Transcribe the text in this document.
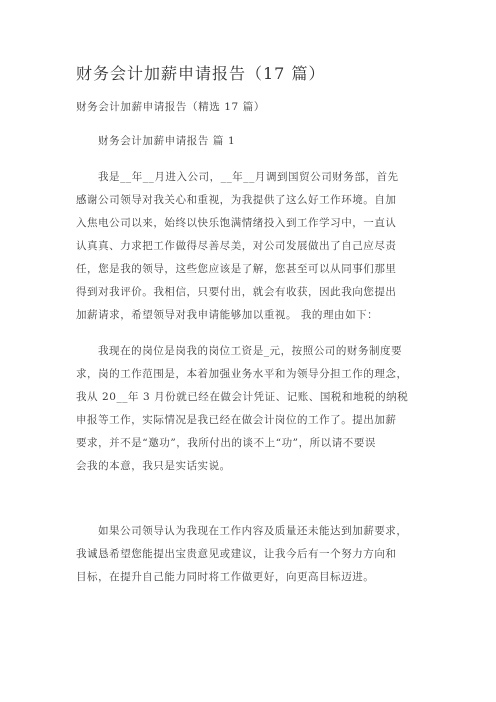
财务会计加薪申请报告（17 篇）
财务会计加薪申请报告（精选 17 篇）
财务会计加薪申请报告 篇 1
我是__年__月进入公司，__年__月调到国贸公司财务部，首先
感谢公司领导对我关心和重视，为我提供了这么好工作环境。自加
入焦电公司以来，始终以快乐饱满情绪投入到工作学习中，一直认
认真真、力求把工作做得尽善尽美，对公司发展做出了自己应尽责
任，您是我的领导，这些您应该是了解，您甚至可以从同事们那里
得到对我评价。我相信，只要付出，就会有收获，因此我向您提出
加薪请求，希望领导对我申请能够加以重视。 我的理由如下：
我现在的岗位是岗我的岗位工资是_元，按照公司的财务制度要
求，岗的工作范围是，本着加强业务水平和为领导分担工作的理念，
我从 20__年 3 月份就已经在做会计凭证、记账、国税和地税的纳税
申报等工作，实际情况是我已经在做会计岗位的工作了。提出加薪
要求，并不是“邀功”，我所付出的谈不上“功”，所以请不要误
会我的本意，我只是实话实说。
如果公司领导认为我现在工作内容及质量还未能达到加薪要求，
我诚恳希望您能提出宝贵意见或建议，让我今后有一个努力方向和
目标，在提升自己能力同时将工作做更好，向更高目标迈进。
